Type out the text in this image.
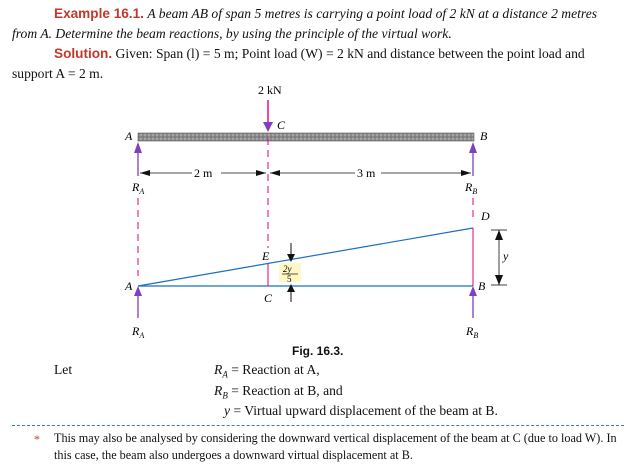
Example 16.1. A beam AB of span 5 metres is carrying a point load of 2 kN at a distance 2 metres from A. Determine the beam reactions, by using the principle of the virtual work.
Solution. Given: Span (l) = 5 m; Point load (W) = 2 kN and distance between the point load and support A = 2 m.
2 kN
C
A	B
2 m	3 m
$R_A$	$R_B$
D
E
A	B
C
2y
5
y
$R_A$	$R_B$
Fig. 16.3.
Let	$R_A$ = Reaction at A,
$R_B$ = Reaction at B, and
y = Virtual upward displacement of the beam at B.
* This may also be analysed by considering the downward vertical displacement of the beam at C (due to load W). In this case, the beam also undergoes a downward virtual displacement at B.
